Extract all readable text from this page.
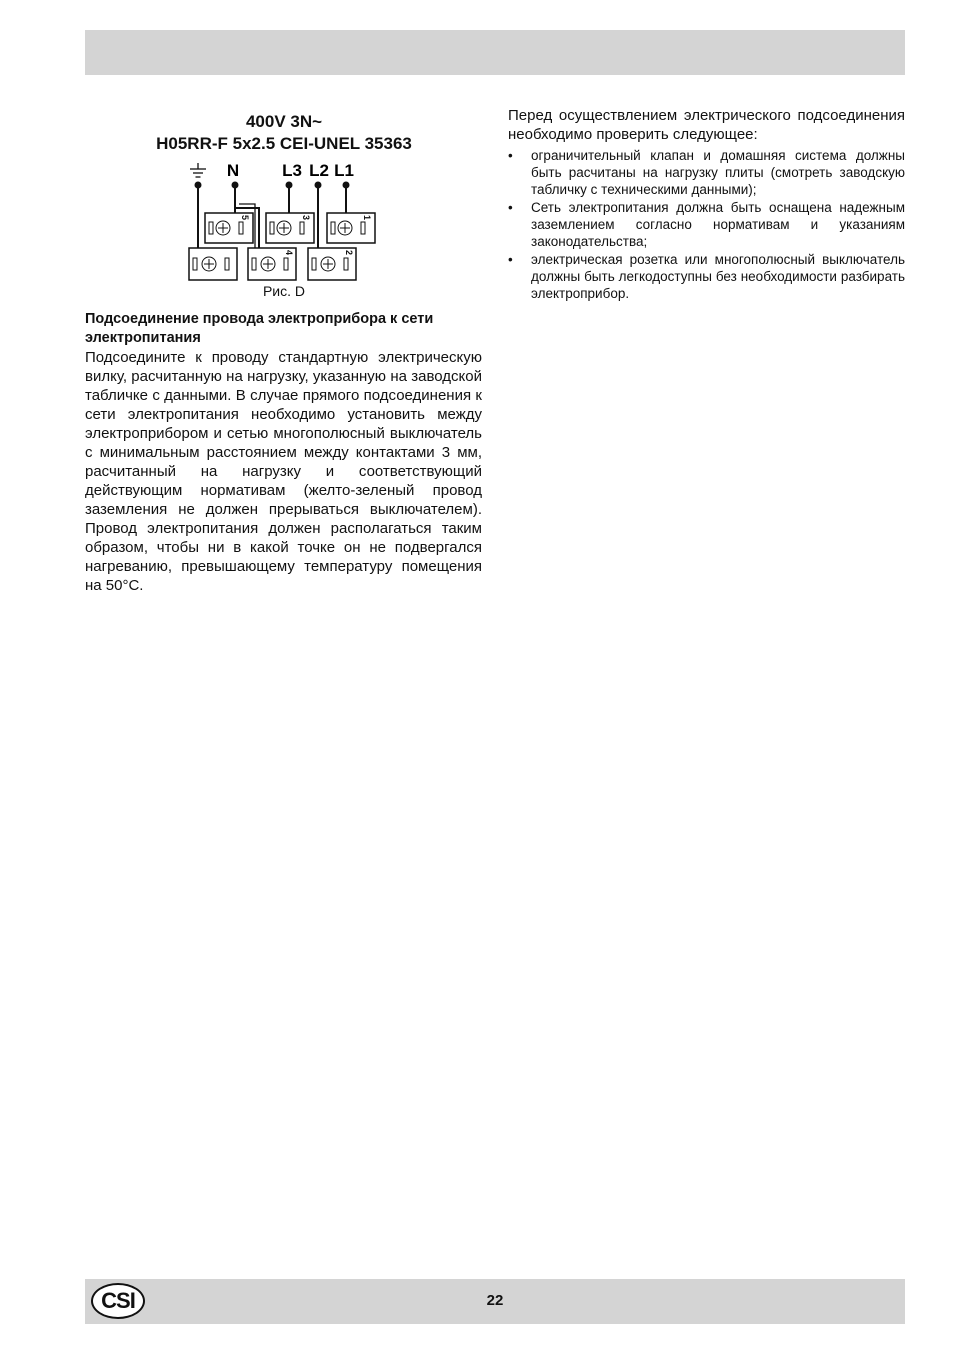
400V 3N~
H05RR-F 5x2.5 CEI-UNEL 35363
N	L3 L2 L1
5	3	1
4	2
Рис. D
Подсоединение провода электроприбора к сети электропитания

Подсоедините к проводу стандартную электрическую вилку, расчитанную на нагрузку, указанную на заводской табличке с данными. В случае прямого подсоединения к сети электропитания необходимо установить между электроприбором и сетью многополюсный выключатель с минимальным расстоянием между контактами 3 мм, расчитанный на нагрузку и соответствующий действующим нормативам (желто-зеленый провод заземления не должен прерываться выключателем). Провод электропитания должен располагаться таким образом, чтобы ни в какой точке он не подвергался нагреванию, превышающему температуру помещения на 50°C.

Перед осуществлением электрического подсоединения необходимо проверить следующее:

• ограничительный клапан и домашняя система должны быть расчитаны на нагрузку плиты (смотреть заводскую табличку с техническими данными);
• Сеть электропитания должна быть оснащена надежным заземлением согласно нормативам и указаниям законодательства;
• электрическая розетка или многополюсный выключатель должны быть легкодоступны без необходимости разбирать электроприбор.
CSI	22
